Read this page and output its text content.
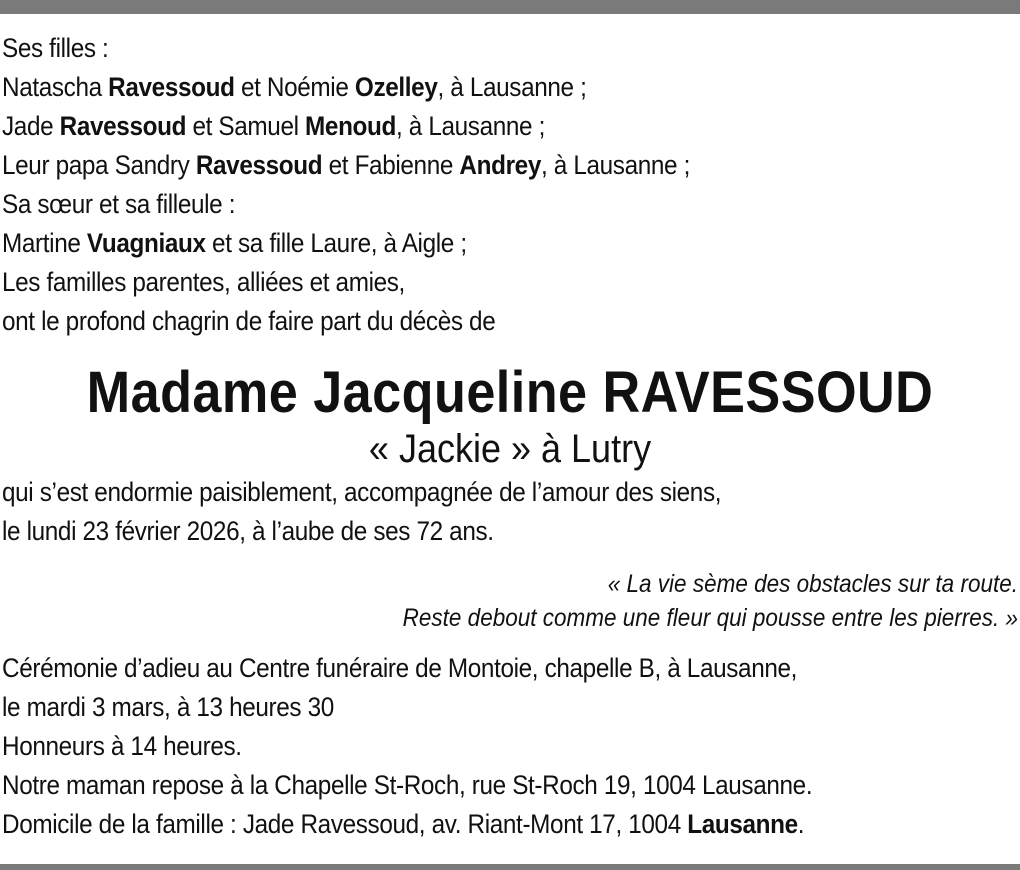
Ses filles :
Natascha Ravessoud et Noémie Ozelley, à Lausanne ;
Jade Ravessoud et Samuel Menoud, à Lausanne ;
Leur papa Sandry Ravessoud et Fabienne Andrey, à Lausanne ;
Sa sœur et sa filleule :
Martine Vuagniaux et sa fille Laure, à Aigle ;
Les familles parentes, alliées et amies,
ont le profond chagrin de faire part du décès de
Madame Jacqueline RAVESSOUD
« Jackie » à Lutry
qui s’est endormie paisiblement, accompagnée de l’amour des siens,
le lundi 23 février 2026, à l’aube de ses 72 ans.
« La vie sème des obstacles sur ta route.
Reste debout comme une fleur qui pousse entre les pierres. »
Cérémonie d’adieu au Centre funéraire de Montoie, chapelle B, à Lausanne,
le mardi 3 mars, à 13 heures 30
Honneurs à 14 heures.
Notre maman repose à la Chapelle St-Roch, rue St-Roch 19, 1004 Lausanne.
Domicile de la famille : Jade Ravessoud, av. Riant-Mont 17, 1004 Lausanne.
